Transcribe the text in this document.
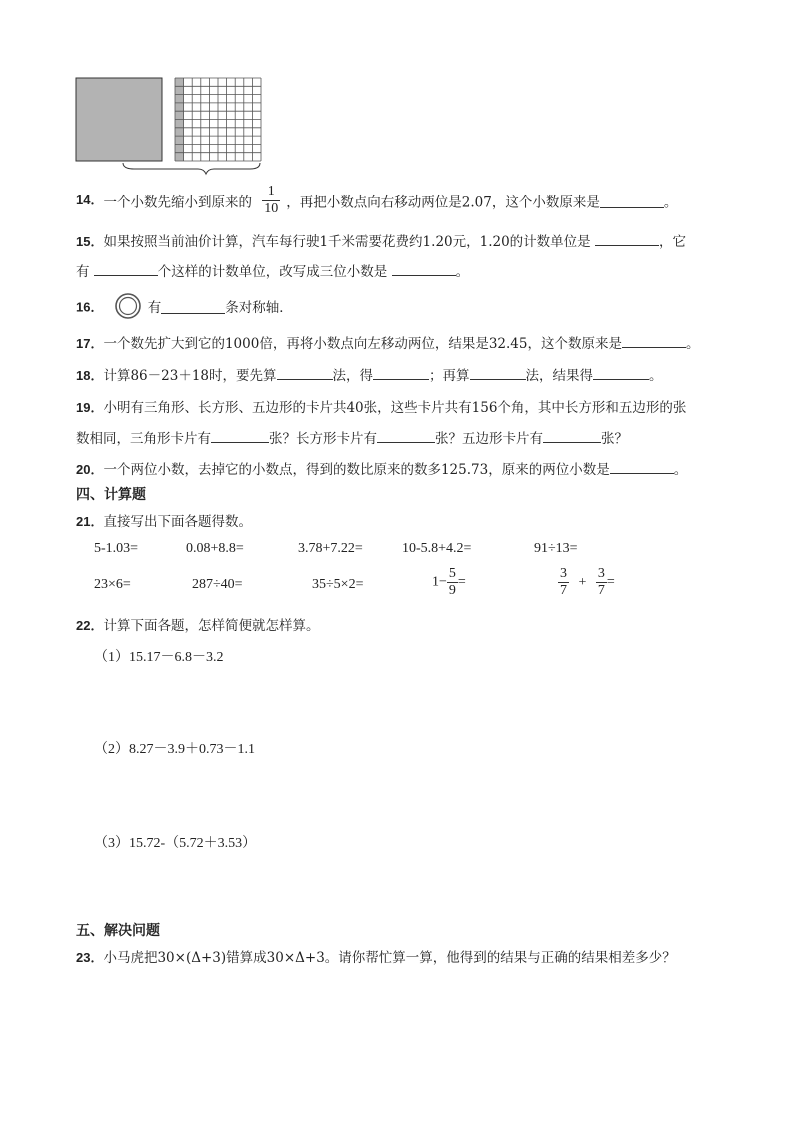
14．一个小数先缩小到原来的 $\frac{1}{10}$ ，再把小数点向右移动两位是2.07，这个小数原来是	。
15．如果按照当前油价计算，汽车每行驶1千米需要花费约1.20元，1.20的计数单位是	，它
有	个这样的计数单位，改写成三位小数是	。
16．	有	条对称轴．
17．一个数先扩大到它的1000倍，再将小数点向左移动两位，结果是32.45，这个数原来是	。
18．计算86－23＋18时，要先算	法，得	；再算	法，结果得	。
19．小明有三角形、长方形、五边形的卡片共40张，这些卡片共有156个角，其中长方形和五边形的张
数相同，三角形卡片有	张？长方形卡片有	张？五边形卡片有	张？
20．一个两位小数，去掉它的小数点，得到的数比原来的数多125.73，原来的两位小数是	。
四、计算题
21．直接写出下面各题得数。
5-1.03=	0.08+8.8=	3.78+7.22=	10-5.8+4.2=	91÷13=
23×6=	287÷40=	35÷5×2=	$1- \frac{5}{9}$ =	$\frac{3}{7} + \frac{3}{7}$ =
22．计算下面各题，怎样简便就怎样算。
（1）15.17－6.8－3.2
（2）8.27－3.9＋0.73－1.1
（3）15.72-（5.72＋3.53）
五、解决问题
23．小马虎把30×(Δ+3)错算成30×Δ+3。请你帮忙算一算，他得到的结果与正确的结果相差多少？
